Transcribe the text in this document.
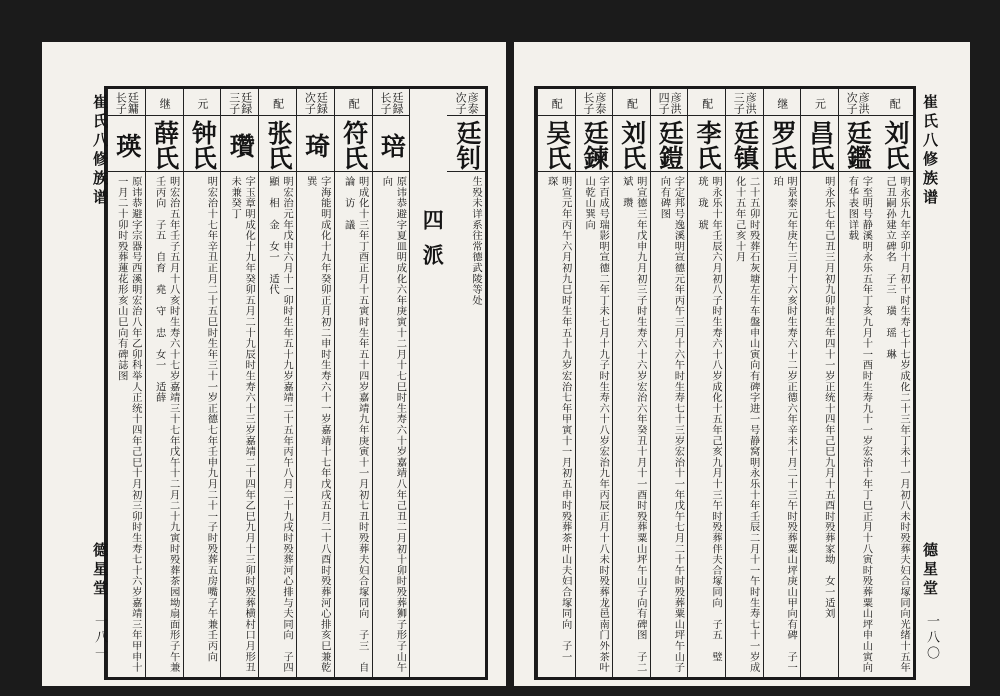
配
刘氏
明永乐九年辛卯十月初十时生寿七十七岁成化二十三年丁未十一月初八未时殁葬夫妇合塚同向光绪十五年己丑嗣孙建立碑名　子三　璜　瑶　琳
彦洪次子
廷鑑
字至明号静溪明永乐五年丁亥九月十一酉时生寿九十一岁宏治十年丁巳正月十八寅时殁葬粟山坪申山寅向有华表图详载
元
昌氏
明永乐七年己丑三月初九卯时生年四十一岁正统十四年己巳九月十五酉时殁葬家坳　女一适刘
继
罗氏
明景泰元年庚午三月十六亥时生寿六十二岁正德六年辛未十月二十三午时殁葬粟山坪庚山甲向有碑　子一　珀
彦洪三子
廷镇
二十五卯时殁葬石灰塘左牛车盤申山寅向有碑字进一号静窝明永乐十年壬辰二月十一午时生寿七十一岁成化十五年己亥十月
配
李氏
明永乐十年壬辰六月初八子时生寿六十八岁成化十五年己亥九月十三午时殁葬伴夫合塚同向　子五　璧　珖　珑　琥
彦洪四子
廷鎧
字定邦号逸溪明宣德元年丙午三月十六午时生寿七十三岁宏治十一年戊午七月二十午时殁葬粟山坪午山子向有碑图
配
刘氏
明宣德三年戊申九月初三子时生寿六十六岁宏治六年癸丑十月十一酉时殁葬粟山坪午山子向有碑图　子二　斌　瓒
彦泰长子
廷鍊
字百成号瑞影明宣德二年丁未七月十九子时生寿六十八岁宏治九年丙辰正月十八未时殁葬龙邑南门外茶叶山乾山巽向
配
吴氏
明宣元年丙午六月初九巳时生年五十九岁宏治七年甲寅十一月初五申时殁葬茶叶山夫妇合塚同向　子一　琛	崔氏八修族谱
德星堂
一八〇
彦泰次子
廷钊
生殁未详系往常德武陵等处
四派
廷録长子
琣
原讳恭避字夏皿明成化六年庚寅十二月十七巳时生寿六十岁嘉靖八年己丑二月初十卯时殁葬狮子形子山午向
配
符氏
明成化十三年丁酉正月十五寅时生年五十四岁嘉靖九年庚寅十一月初七丑时殁葬夫妇合塚同向　子三　自論　访　議
廷録次子
琦
字海能明成化十九年癸卯正月初二申时生寿六十一岁嘉靖十七年戊戌五月二十八酉时殁葬河心排亥巳兼乾巽
配
张氏
明宏治元年戊申六月十一卯时生年五十九岁嘉靖二十五年丙午八月二十九戌时殁葬河心排与夫同向　子四　顯　相　金　女一　适代
廷録三子
瓚
字玉章明成化十九年癸卯五月二十九辰时生寿六十三岁嘉靖二十四年乙巳九月十三卯时殁葬横村口月形丑未兼癸丁
元
钟氏
明宏治十七年辛丑正月二十五巳时生年三十一岁正德七年壬申九月二十一子时殁葬五房嘴子午兼壬丙向
继
薛氏
明宏治五年壬子五月十八亥时生寿六十七岁嘉靖三十七年戊午十二月二十九寅时殁葬茶园坳扇面形子午兼壬丙向　子五　自育　堯　守　忠　女一　适薛
廷鏞长子
瑛
原讳恭避字宗器号西溪明宏治八年乙卯科举人正统十四年己巳十月初三卯时生寿七十六岁嘉靖三年甲申十一月二十卯时殁葬蓮花形亥山巳向有碑誌图
崔氏八修族谱
德星堂
一八一
